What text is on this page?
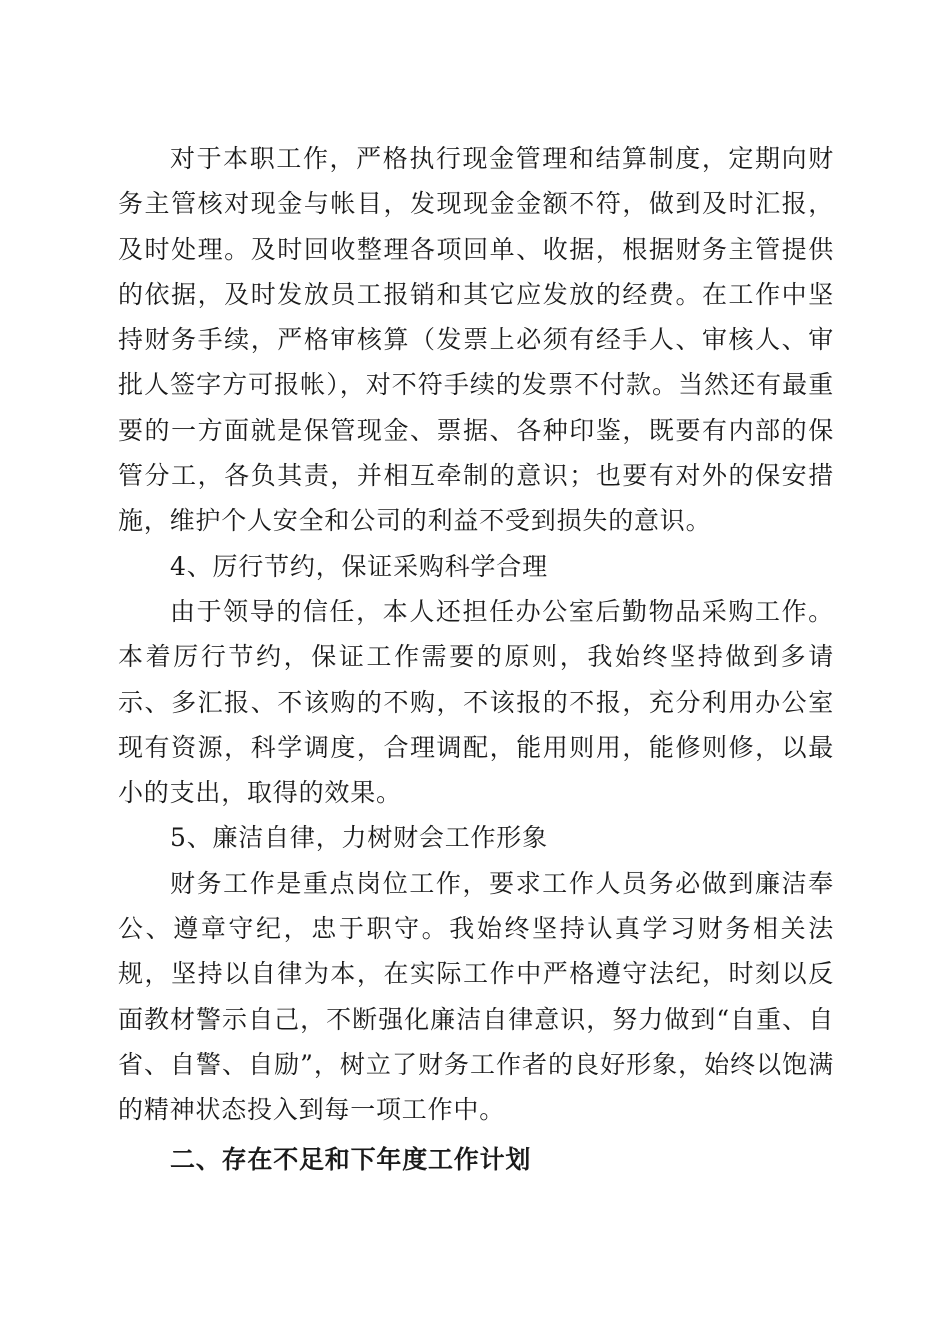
对于本职工作，严格执行现金管理和结算制度，定期向财务主管核对现金与帐目，发现现金金额不符，做到及时汇报，及时处理。及时回收整理各项回单、收据，根据财务主管提供的依据，及时发放员工报销和其它应发放的经费。在工作中坚持财务手续，严格审核算（发票上必须有经手人、审核人、审批人签字方可报帐），对不符手续的发票不付款。当然还有最重要的一方面就是保管现金、票据、各种印鉴，既要有内部的保管分工，各负其责，并相互牵制的意识；也要有对外的保安措施，维护个人安全和公司的利益不受到损失的意识。

4、厉行节约，保证采购科学合理

由于领导的信任，本人还担任办公室后勤物品采购工作。本着厉行节约，保证工作需要的原则，我始终坚持做到多请示、多汇报、不该购的不购，不该报的不报，充分利用办公室现有资源，科学调度，合理调配，能用则用，能修则修，以最小的支出，取得的效果。

5、廉洁自律，力树财会工作形象

财务工作是重点岗位工作，要求工作人员务必做到廉洁奉公、遵章守纪，忠于职守。我始终坚持认真学习财务相关法规，坚持以自律为本，在实际工作中严格遵守法纪，时刻以反面教材警示自己，不断强化廉洁自律意识，努力做到“自重、自省、自警、自励”，树立了财务工作者的良好形象，始终以饱满的精神状态投入到每一项工作中。

二、存在不足和下年度工作计划
